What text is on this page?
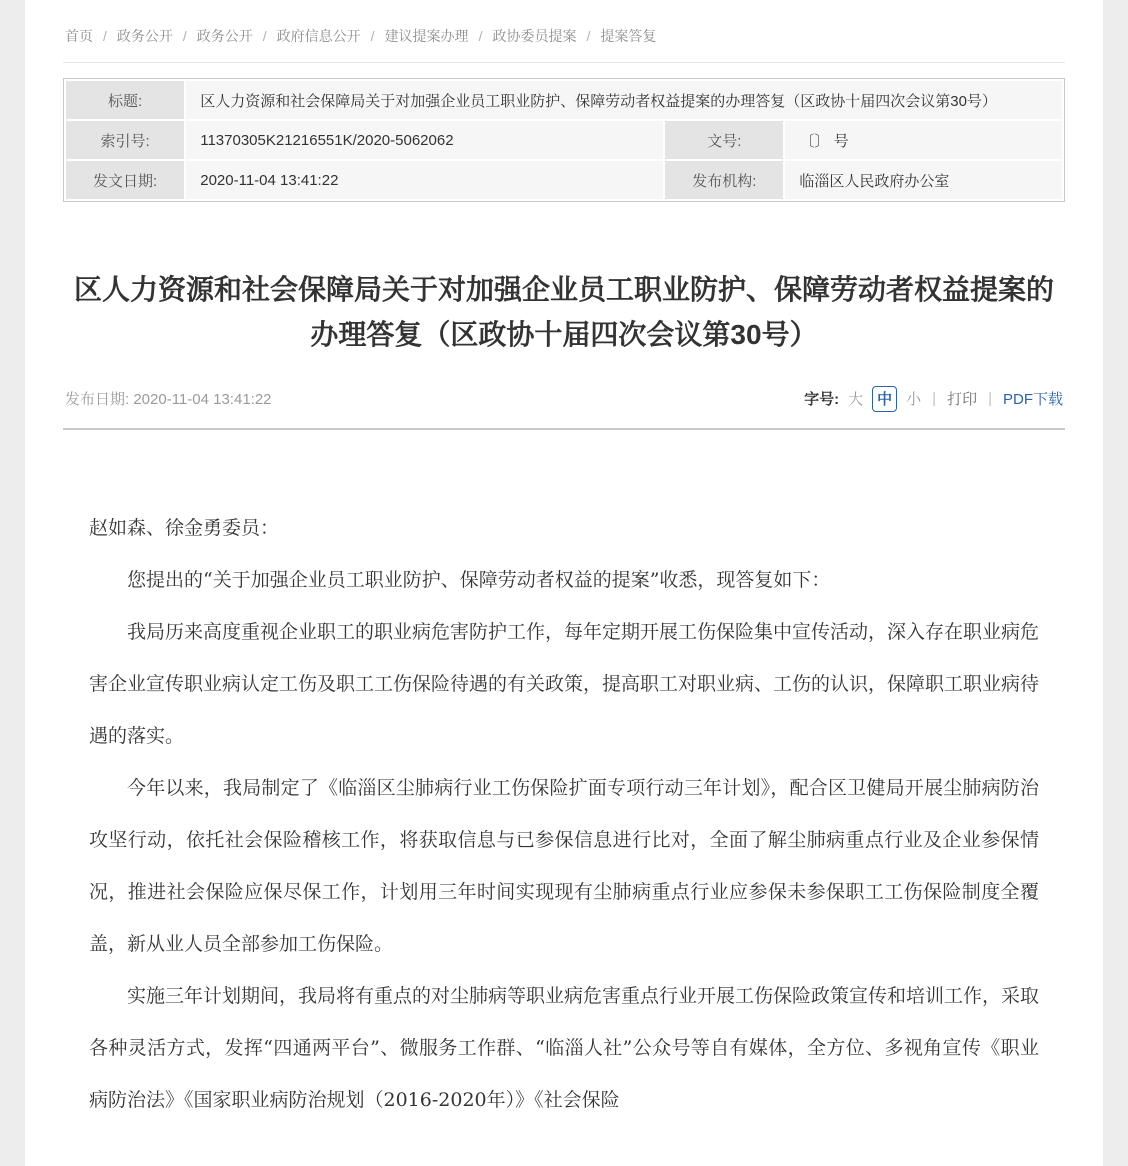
首页 / 政务公开 / 政务公开 / 政府信息公开 / 建议提案办理 / 政协委员提案 / 提案答复
标题:	区人力资源和社会保障局关于对加强企业员工职业防护、保障劳动者权益提案的办理答复（区政协十届四次会议第30号）		
索引号:	11370305K21216551K/2020-5062062	文号:	〔〕 号
发文日期:	2020-11-04 13:41:22	发布机构:	临淄区人民政府办公室
区人力资源和社会保障局关于对加强企业员工职业防护、保障劳动者权益提案的办理答复（区政协十届四次会议第30号）
发布日期: 2020-11-04 13:41:22	字号: 大 中 小 | 打印 | PDF下载

赵如森、徐金勇委员：

您提出的“关于加强企业员工职业防护、保障劳动者权益的提案”收悉，现答复如下：

我局历来高度重视企业职工的职业病危害防护工作，每年定期开展工伤保险集中宣传活动，深入存在职业病危害企业宣传职业病认定工伤及职工工伤保险待遇的有关政策，提高职工对职业病、工伤的认识，保障职工职业病待遇的落实。

今年以来，我局制定了《临淄区尘肺病行业工伤保险扩面专项行动三年计划》，配合区卫健局开展尘肺病防治攻坚行动，依托社会保险稽核工作，将获取信息与已参保信息进行比对，全面了解尘肺病重点行业及企业参保情况，推进社会保险应保尽保工作，计划用三年时间实现现有尘肺病重点行业应参保未参保职工工伤保险制度全覆盖，新从业人员全部参加工伤保险。

实施三年计划期间，我局将有重点的对尘肺病等职业病危害重点行业开展工伤保险政策宣传和培训工作，采取各种灵活方式，发挥“四通两平台”、微服务工作群、“临淄人社”公众号等自有媒体，全方位、多视角宣传《职业病防治法》《国家职业病防治规划（2016-2020年）》《社会保险
